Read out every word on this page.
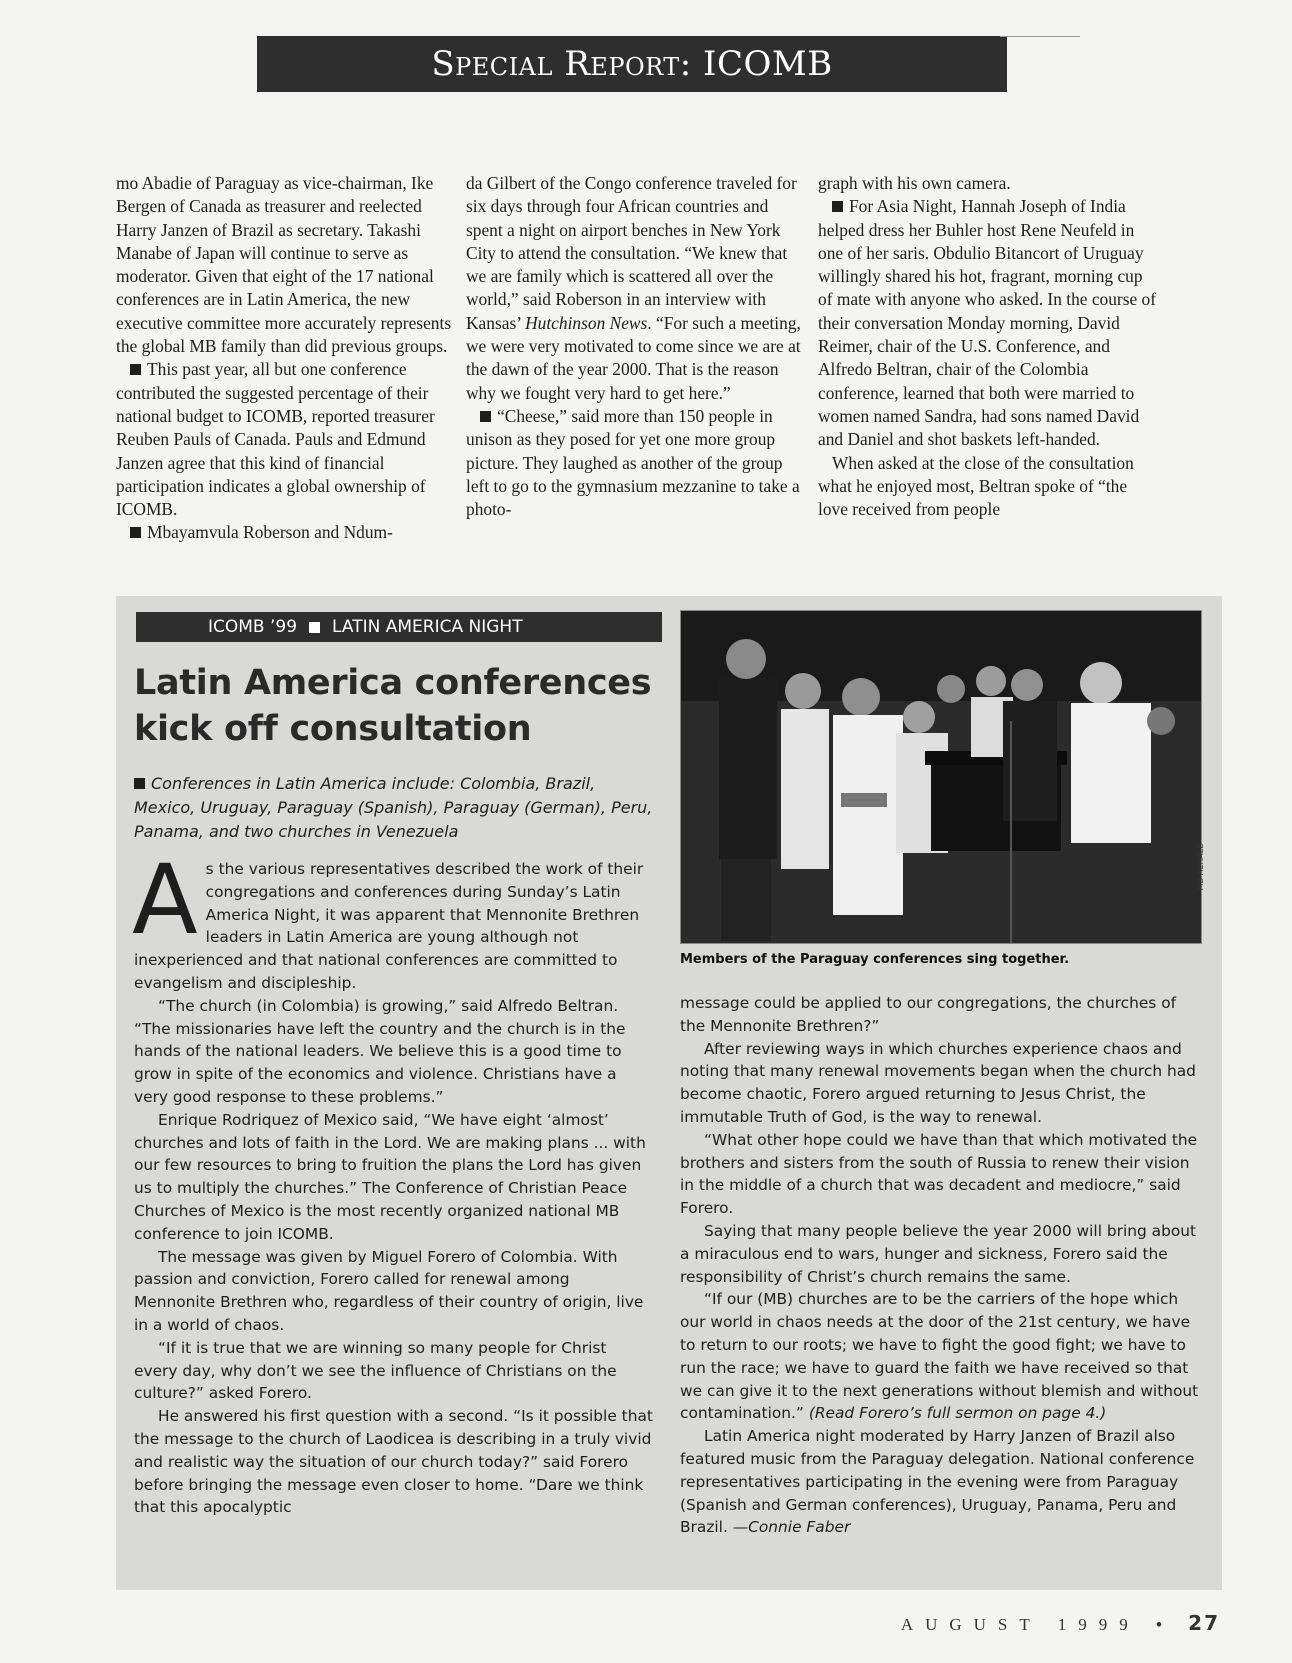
Special Report: ICOMB

mo Abadie of Paraguay as vice-chairman, Ike Bergen of Canada as treasurer and reelected Harry Janzen of Brazil as secretary. Takashi Manabe of Japan will continue to serve as moderator. Given that eight of the 17 national conferences are in Latin America, the new executive committee more accurately represents the global MB family than did previous groups.

This past year, all but one conference contributed the suggested percentage of their national budget to ICOMB, reported treasurer Reuben Pauls of Canada. Pauls and Edmund Janzen agree that this kind of financial participation indicates a global ownership of ICOMB.

Mbayamvula Roberson and Ndum-

da Gilbert of the Congo conference traveled for six days through four African countries and spent a night on airport benches in New York City to attend the consultation. “We knew that we are family which is scattered all over the world,” said Roberson in an interview with Kansas’ Hutchinson News. “For such a meeting, we were very motivated to come since we are at the dawn of the year 2000. That is the reason why we fought very hard to get here.”

“Cheese,” said more than 150 people in unison as they posed for yet one more group picture. They laughed as another of the group left to go to the gymnasium mezzanine to take a photo-

graph with his own camera.

For Asia Night, Hannah Joseph of India helped dress her Buhler host Rene Neufeld in one of her saris. Obdulio Bitancort of Uruguay willingly shared his hot, fragrant, morning cup of mate with anyone who asked. In the course of their conversation Monday morning, David Reimer, chair of the U.S. Conference, and Alfredo Beltran, chair of the Colombia conference, learned that both were married to women named Sandra, had sons named David and Daniel and shot baskets left-handed.

When asked at the close of the consultation what he enjoyed most, Beltran spoke of “the love received from people

ICOMB ’99 LATIN AMERICA NIGHT
Latin America conferences kick off consultation

Conferences in Latin America include: Colombia, Brazil, Mexico, Uruguay, Paraguay (Spanish), Paraguay (German), Peru, Panama, and two churches in Venezuela

MB HERALD

Members of the Paraguay conferences sing together.

As the various representatives described the work of their congregations and conferences during Sunday’s Latin America Night, it was apparent that Mennonite Brethren leaders in Latin America are young although not inexperienced and that national conferences are committed to evangelism and discipleship.

“The church (in Colombia) is growing,” said Alfredo Beltran. “The missionaries have left the country and the church is in the hands of the national leaders. We believe this is a good time to grow in spite of the economics and violence. Christians have a very good response to these problems.”

Enrique Rodriquez of Mexico said, “We have eight ‘almost’ churches and lots of faith in the Lord. We are making plans ... with our few resources to bring to fruition the plans the Lord has given us to multiply the churches.” The Conference of Christian Peace Churches of Mexico is the most recently organized national MB conference to join ICOMB.

The message was given by Miguel Forero of Colombia. With passion and conviction, Forero called for renewal among Mennonite Brethren who, regardless of their country of origin, live in a world of chaos.

“If it is true that we are winning so many people for Christ every day, why don’t we see the influence of Christians on the culture?” asked Forero.

He answered his first question with a second. “Is it possible that the message to the church of Laodicea is describing in a truly vivid and realistic way the situation of our church today?” said Forero before bringing the message even closer to home. “Dare we think that this apocalyptic

message could be applied to our congregations, the churches of the Mennonite Brethren?”

After reviewing ways in which churches experience chaos and noting that many renewal movements began when the church had become chaotic, Forero argued returning to Jesus Christ, the immutable Truth of God, is the way to renewal.

“What other hope could we have than that which motivated the brothers and sisters from the south of Russia to renew their vision in the middle of a church that was decadent and mediocre,” said Forero.

Saying that many people believe the year 2000 will bring about a miraculous end to wars, hunger and sickness, Forero said the responsibility of Christ’s church remains the same.

“If our (MB) churches are to be the carriers of the hope which our world in chaos needs at the door of the 21st century, we have to return to our roots; we have to fight the good fight; we have to run the race; we have to guard the faith we have received so that we can give it to the next generations without blemish and without contamination.” (Read Forero’s full sermon on page 4.)

Latin America night moderated by Harry Janzen of Brazil also featured music from the Paraguay delegation. National conference representatives participating in the evening were from Paraguay (Spanish and German conferences), Uruguay, Panama, Peru and Brazil. —Connie Faber

AUGUST 1999 • 27
